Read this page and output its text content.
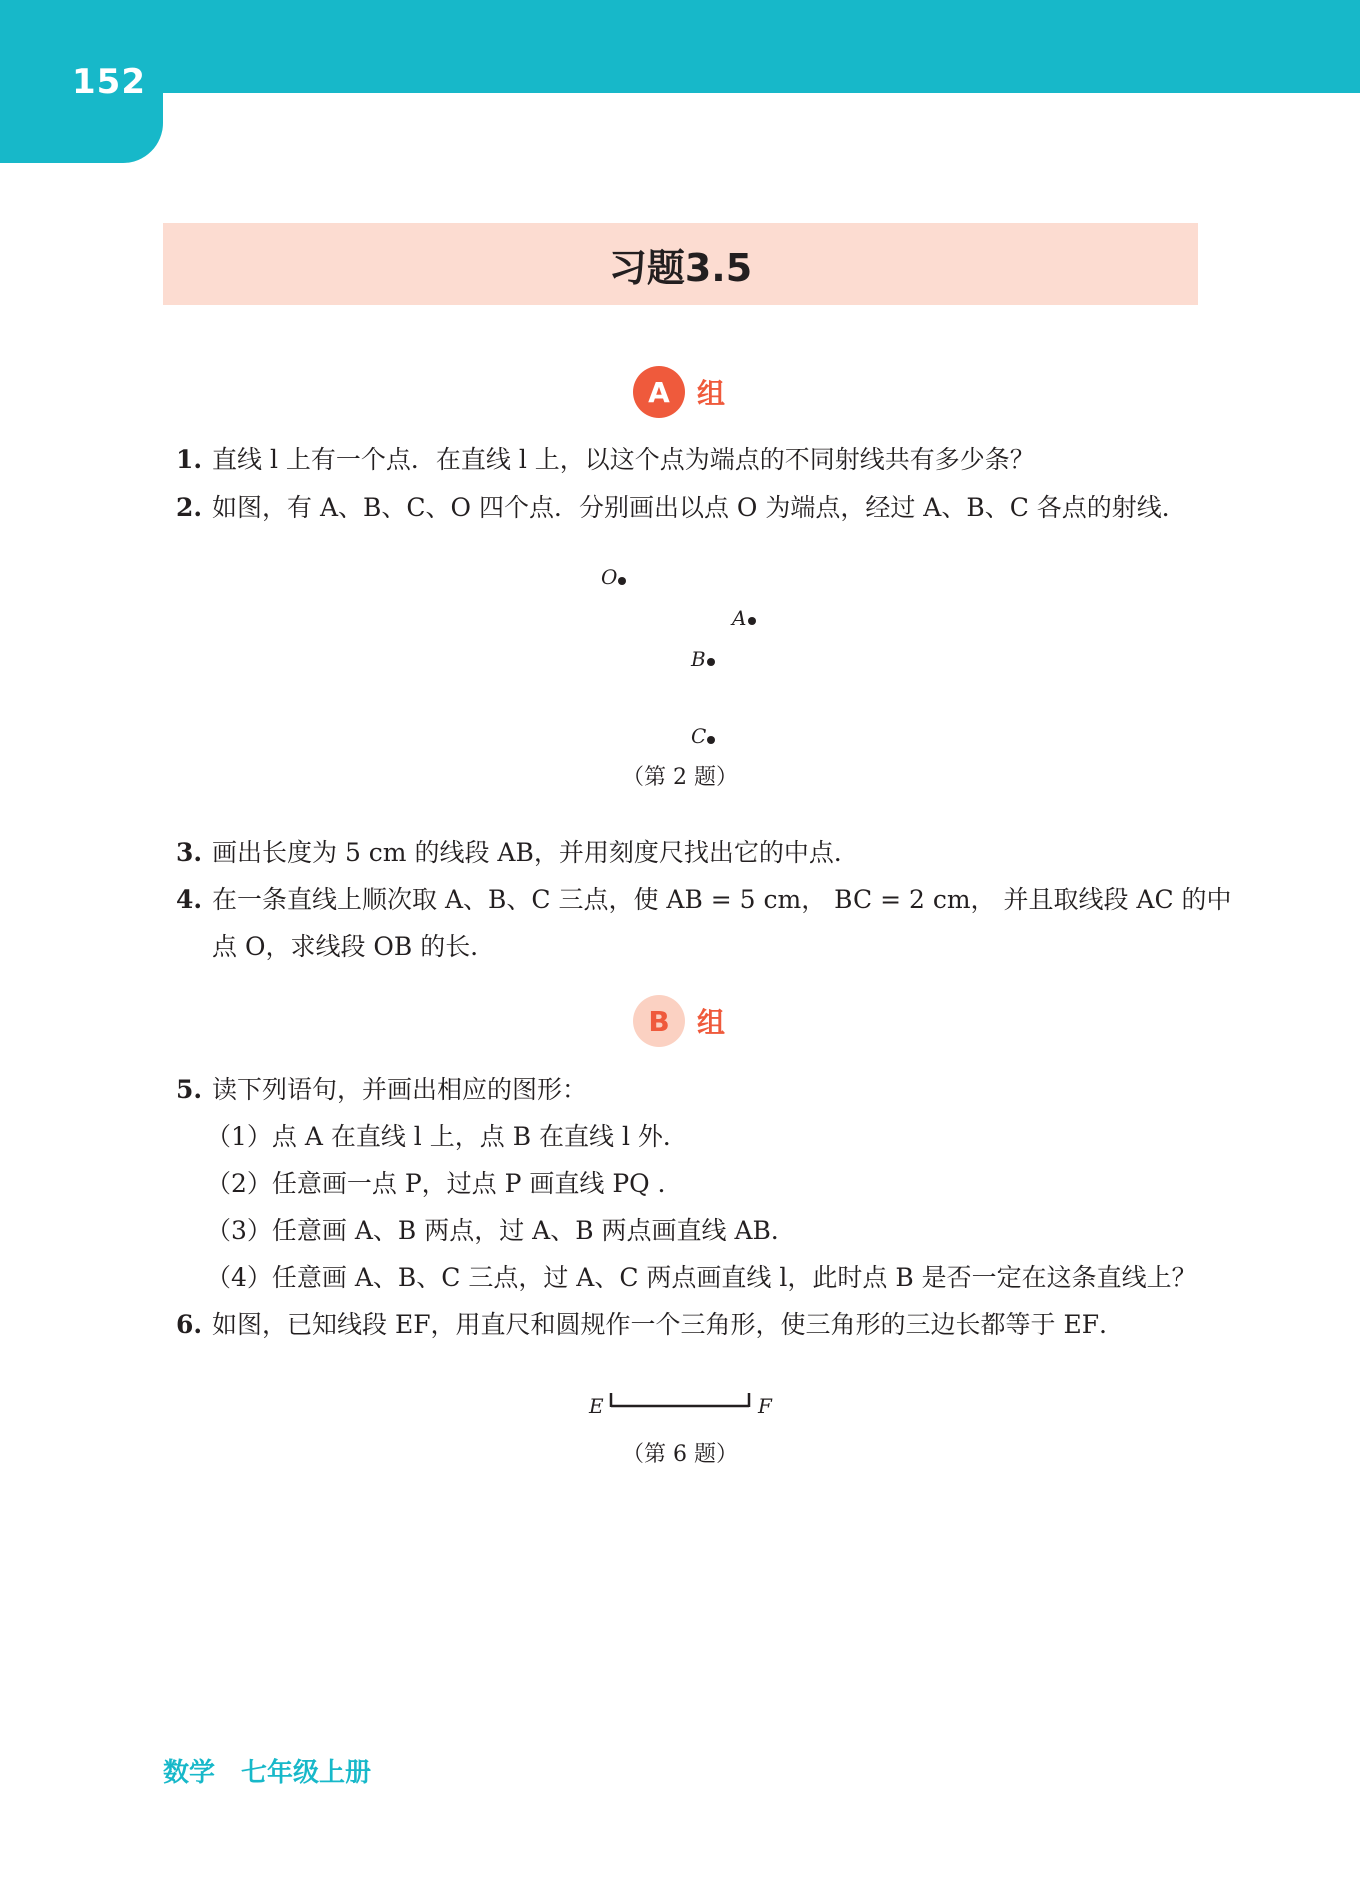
152
习题3.5
A 组
1. 直线 l 上有一个点．在直线 l 上，以这个点为端点的不同射线共有多少条？
2. 如图，有 A、B、C、O 四个点．分别画出以点 O 为端点，经过 A、B、C 各点的射线．
O
A
B
C
（第 2 题）
3. 画出长度为 5 cm 的线段 AB，并用刻度尺找出它的中点．
4. 在一条直线上顺次取 A、B、C 三点，使 AB = 5 cm， BC = 2 cm， 并且取线段 AC 的中
点 O，求线段 OB 的长．
B 组
5. 读下列语句，并画出相应的图形：
（1）点 A 在直线 l 上，点 B 在直线 l 外．
（2）任意画一点 P，过点 P 画直线 PQ ．
（3）任意画 A、B 两点，过 A、B 两点画直线 AB．
（4）任意画 A、B、C 三点，过 A、C 两点画直线 l，此时点 B 是否一定在这条直线上？
6. 如图，已知线段 EF，用直尺和圆规作一个三角形，使三角形的三边长都等于 EF．
E	F
（第 6 题）
数学 七年级上册
